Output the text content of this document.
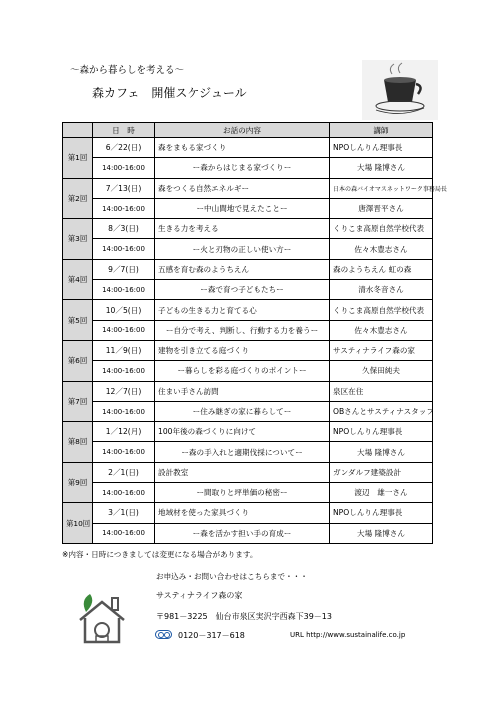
～森から暮らしを考える～
森カフェ　開催スケジュール
	日　時	お話の内容	講師
第1回	6／22(日)	森をまもる家づくり	NPOしんりん理事長
	14:00-16:00	ー森からはじまる家づくりー	大場 隆博さん
第2回	7／13(日)	森をつくる自然エネルギー	日本の森バイオマスネットワーク事務局長
	14:00-16:00	ー中山間地で見えたことー	唐澤晋平さん
第3回	8／3(日)	生きる力を考える	くりこま高原自然学校代表
	14:00-16:00	ー火と刃物の正しい使い方ー	佐々木豊志さん
第4回	9／7(日)	五感を育む森のようちえん	森のようちえん 虹の森
	14:00-16:00	ー森で育つ子どもたちー	清水冬音さん
第5回	10／5(日)	子どもの生きる力と育てる心	くりこま高原自然学校代表
	14:00-16:00	ー自分で考え、判断し、行動する力を養うー	佐々木豊志さん
第6回	11／9(日)	建物を引き立てる庭づくり	サスティナライフ森の家
	14:00-16:00	ー暮らしを彩る庭づくりのポイントー	久保田純夫
第7回	12／7(日)	住まい手さん訪問	泉区在住
	14:00-16:00	ー住み継ぎの家に暮らしてー	OBさんとサスティナスタッフ
第8回	1／12(月)	100年後の森づくりに向けて	NPOしんりん理事長
	14:00-16:00	ー森の手入れと適期伐採についてー	大場 隆博さん
第9回	2／1(日)	設計教室	ガンダルフ建築設計
	14:00-16:00	ー間取りと坪単価の秘密ー	渡辺　雄一さん
第10回	3／1(日)	地域材を使った家具づくり	NPOしんりん理事長
	14:00-16:00	ー森を活かす担い手の育成ー	大場 隆博さん
※内容・日時につきましては変更になる場合があります。
お申込み・お問い合わせはこちらまで・・・
サスティナライフ森の家
〒981－3225　仙台市泉区実沢字西森下39－13
0120－317－618	URL http://www.sustainalife.co.jp
